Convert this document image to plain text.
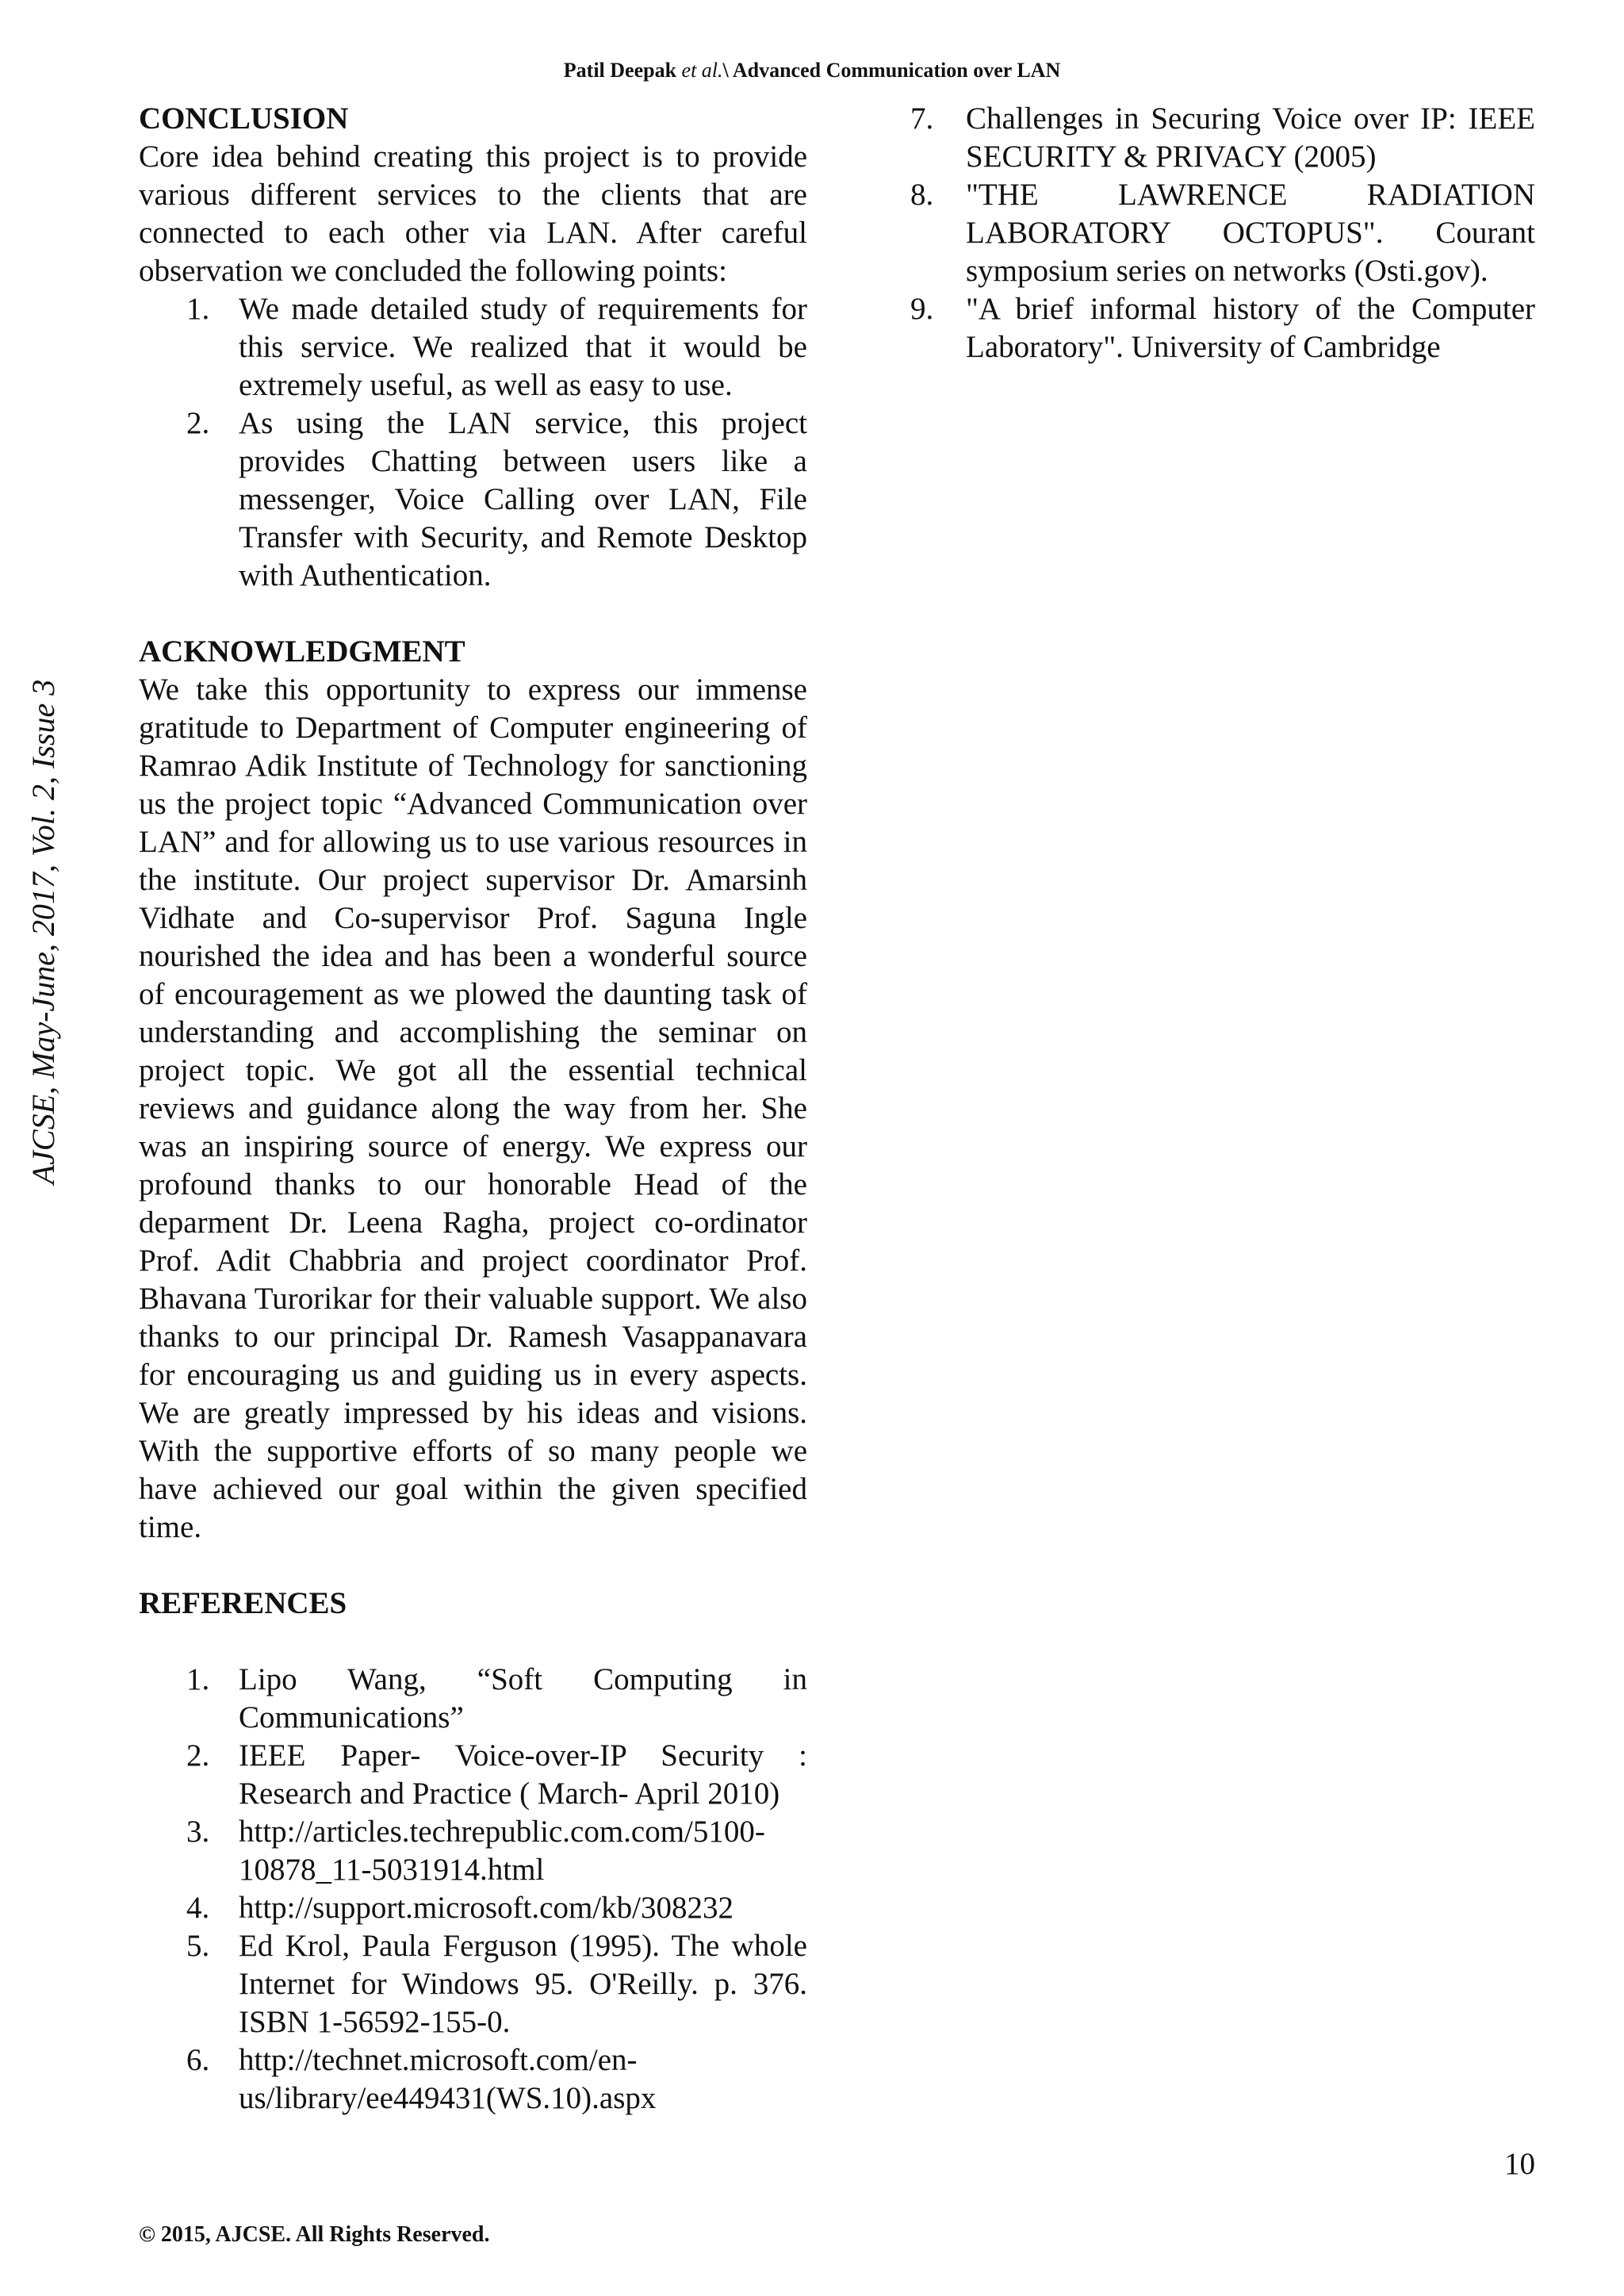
Patil Deepak et al.\ Advanced Communication over LAN
AJCSE, May-June, 2017, Vol. 2, Issue 3
CONCLUSION

Core idea behind creating this project is to provide various different services to the clients that are connected to each other via LAN. After careful observation we concluded the following points:

1. We made detailed study of requirements for this service. We realized that it would be extremely useful, as well as easy to use.
2. As using the LAN service, this project provides Chatting between users like a messenger, Voice Calling over LAN, File Transfer with Security, and Remote Desktop with Authentication.
ACKNOWLEDGMENT

We take this opportunity to express our immense gratitude to Department of Computer engineering of Ramrao Adik Institute of Technology for sanctioning us the project topic “Advanced Communication over LAN” and for allowing us to use various resources in the institute. Our project supervisor Dr. Amarsinh Vidhate and Co-supervisor Prof. Saguna Ingle nourished the idea and has been a wonderful source of encouragement as we plowed the daunting task of understanding and accomplishing the seminar on project topic. We got all the essential technical reviews and guidance along the way from her. She was an inspiring source of energy. We express our profound thanks to our honorable Head of the deparment Dr. Leena Ragha, project co-ordinator Prof. Adit Chabbria and project coordinator Prof. Bhavana Turorikar for their valuable support. We also thanks to our principal Dr. Ramesh Vasappanavara for encouraging us and guiding us in every aspects. We are greatly impressed by his ideas and visions. With the supportive efforts of so many people we have achieved our goal within the given specified time.

REFERENCES
1. Lipo Wang, “Soft Computing in Communications”
2. IEEE Paper- Voice-over-IP Security : Research and Practice ( March- April 2010)
3. http://articles.techrepublic.com.com/5100-10878_11-5031914.html
4. http://support.microsoft.com/kb/308232
5. Ed Krol, Paula Ferguson (1995). The whole Internet for Windows 95. O'Reilly. p. 376. ISBN 1-56592-155-0.
6. http://technet.microsoft.com/en-us/library/ee449431(WS.10).aspx
7. Challenges in Securing Voice over IP: IEEE SECURITY & PRIVACY (2005)
8. "THE LAWRENCE RADIATION LABORATORY OCTOPUS". Courant symposium series on networks (Osti.gov).
9. "A brief informal history of the Computer Laboratory". University of Cambridge
10
© 2015, AJCSE. All Rights Reserved.
